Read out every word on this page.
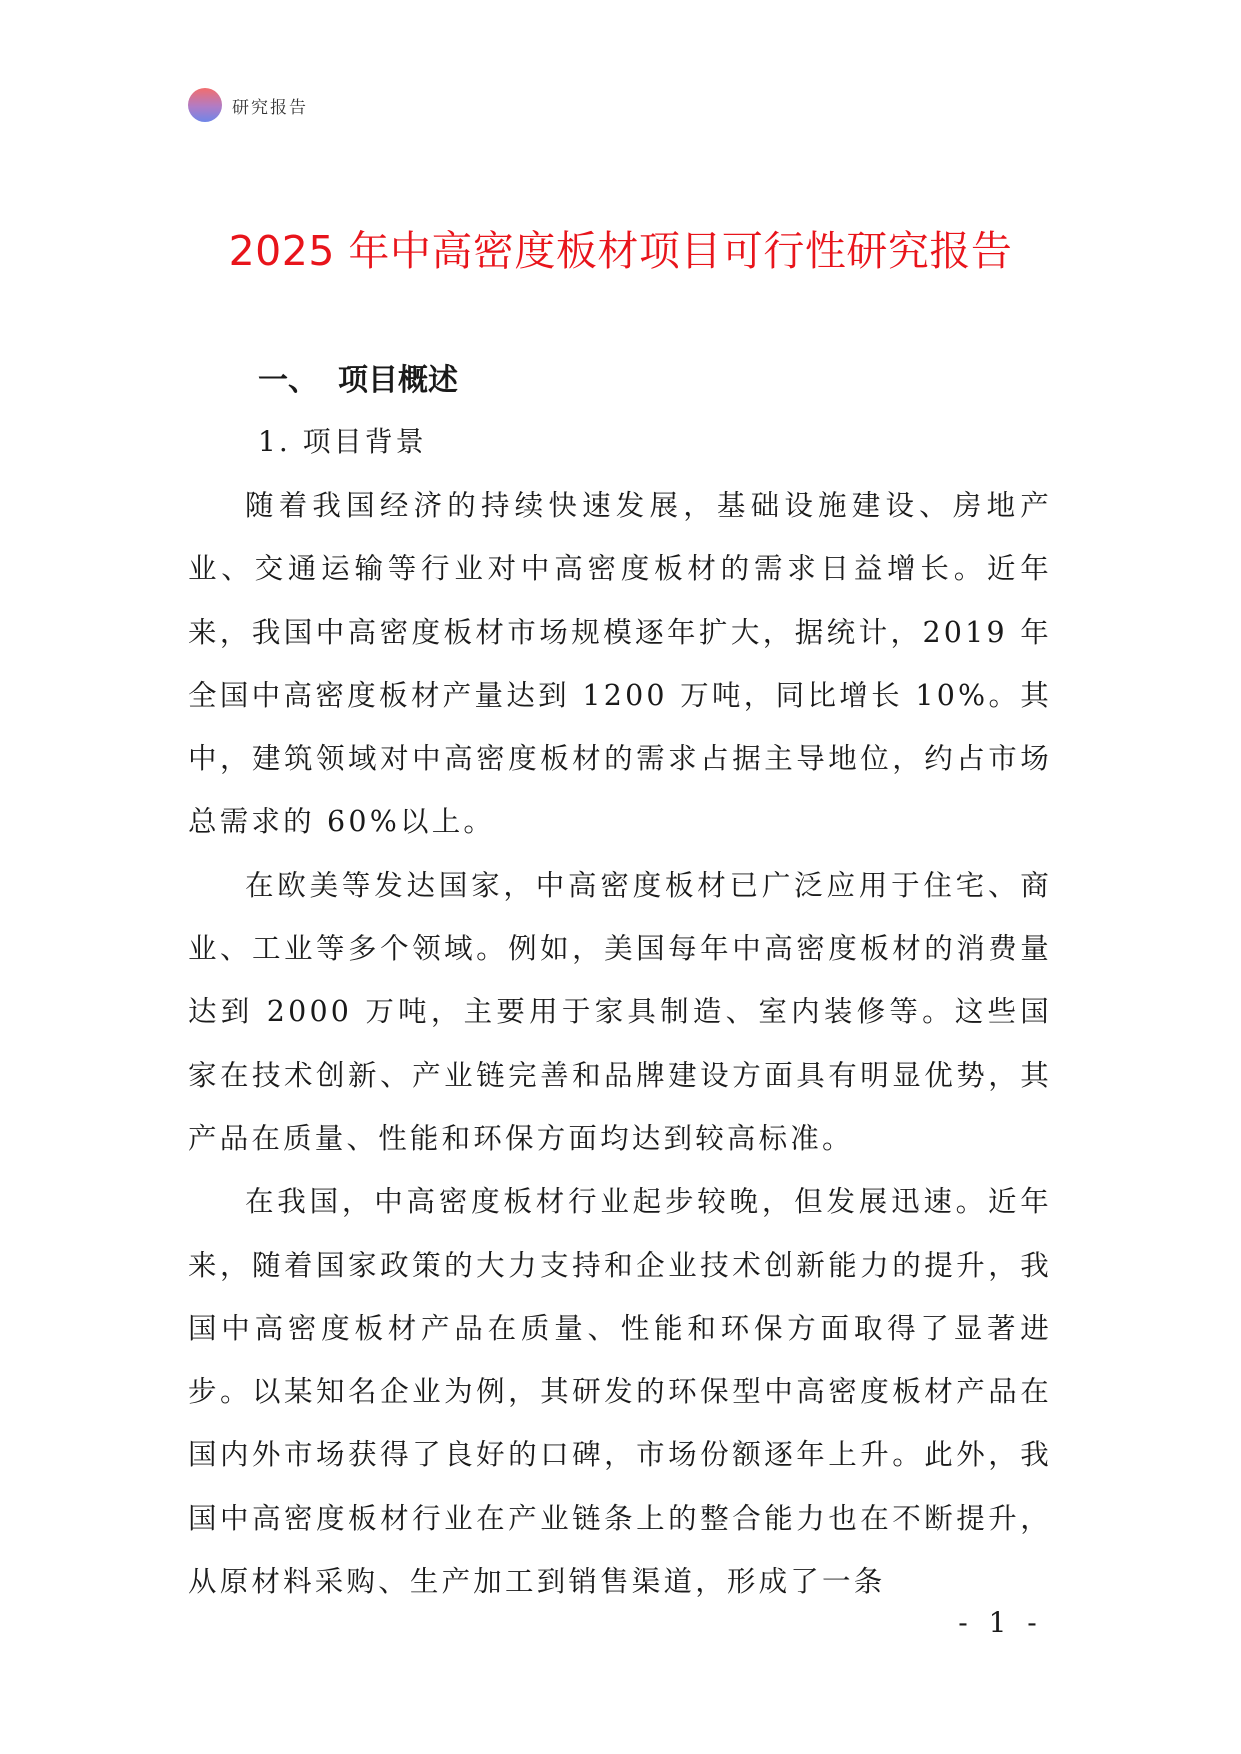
研究报告
2025 年中高密度板材项目可行性研究报告
一、 项目概述
1. 项目背景

随着我国经济的持续快速发展，基础设施建设、房地产业、交通运输等行业对中高密度板材的需求日益增长。近年来，我国中高密度板材市场规模逐年扩大，据统计，2019 年全国中高密度板材产量达到 1200 万吨，同比增长 10%。其中，建筑领域对中高密度板材的需求占据主导地位，约占市场总需求的 60%以上。

在欧美等发达国家，中高密度板材已广泛应用于住宅、商业、工业等多个领域。例如，美国每年中高密度板材的消费量达到 2000 万吨，主要用于家具制造、室内装修等。这些国家在技术创新、产业链完善和品牌建设方面具有明显优势，其产品在质量、性能和环保方面均达到较高标准。

在我国，中高密度板材行业起步较晚，但发展迅速。近年来，随着国家政策的大力支持和企业技术创新能力的提升，我国中高密度板材产品在质量、性能和环保方面取得了显著进步。以某知名企业为例，其研发的环保型中高密度板材产品在国内外市场获得了良好的口碑，市场份额逐年上升。此外，我国中高密度板材行业在产业链条上的整合能力也在不断提升，从原材料采购、生产加工到销售渠道，形成了一条

- 1 -
